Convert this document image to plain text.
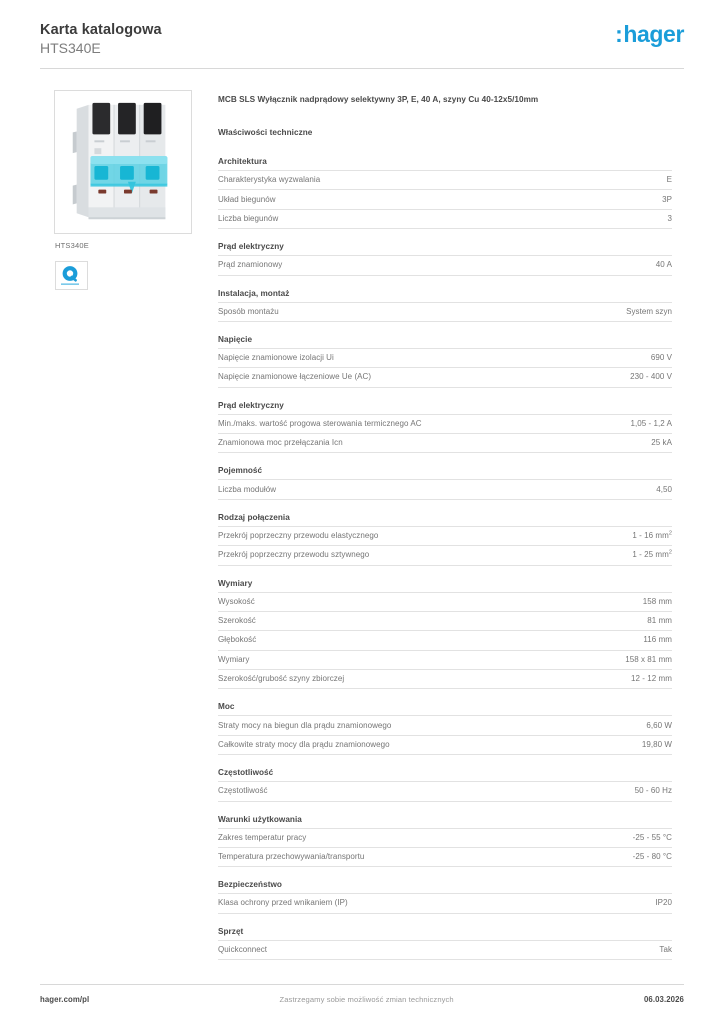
Karta katalogowa
HTS340E
: hager
HTS340E
MCB SLS Wyłącznik nadprądowy selektywny 3P, E, 40 A, szyny Cu 40-12x5/10mm
Właściwości techniczne
Architektura
Charakterystyka wyzwalania	E
Układ biegunów	3P
Liczba biegunów	3
Prąd elektryczny
Prąd znamionowy	40 A
Instalacja, montaż
Sposób montażu	System szyn
Napięcie
Napięcie znamionowe izolacji Ui	690 V
Napięcie znamionowe łączeniowe Ue (AC)	230 - 400 V
Prąd elektryczny
Min./maks. wartość progowa sterowania termicznego AC	1,05 - 1,2 A
Znamionowa moc przełączania Icn	25 kA
Pojemność
Liczba modułów	4,50
Rodzaj połączenia
Przekrój poprzeczny przewodu elastycznego	1 - 16 $mm^2$
Przekrój poprzeczny przewodu sztywnego	1 - 25 $mm^2$
Wymiary
Wysokość	158 mm
Szerokość	81 mm
Głębokość	116 mm
Wymiary	158 x 81 mm
Szerokość/grubość szyny zbiorczej	12 - 12 mm
Moc
Straty mocy na biegun dla prądu znamionowego	6,60 W
Całkowite straty mocy dla prądu znamionowego	19,80 W
Częstotliwość
Częstotliwość	50 - 60 Hz
Warunki użytkowania
Zakres temperatur pracy	-25 - 55 °C
Temperatura przechowywania/transportu	-25 - 80 °C
Bezpieczeństwo
Klasa ochrony przed wnikaniem (IP)	IP20
Sprzęt
Quickconnect	Tak
hager.com/pl	Zastrzegamy sobie możliwość zmian technicznych	06.03.2026
